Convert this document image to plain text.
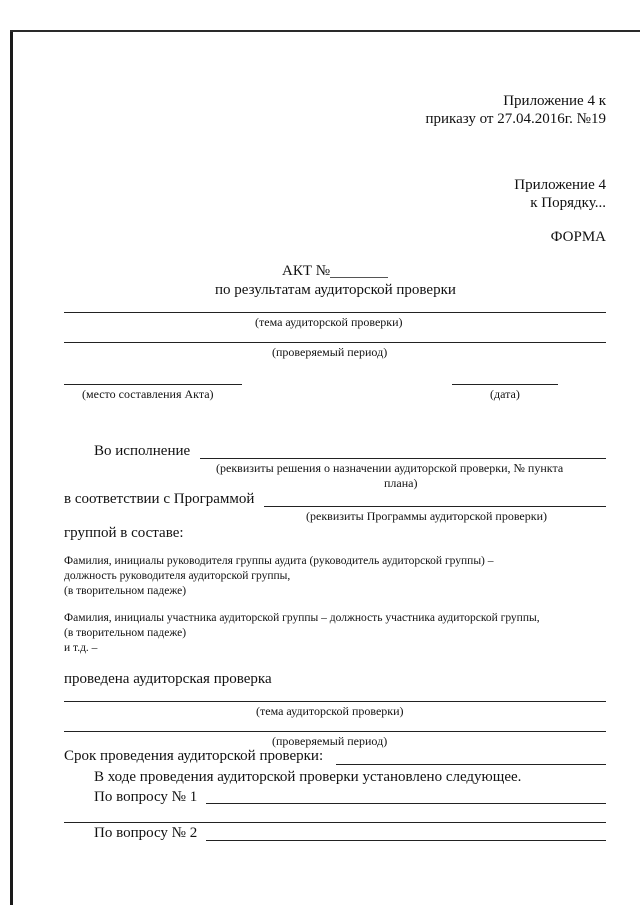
Приложение 4 к
приказу от 27.04.2016г. №19
Приложение 4
к Порядку...
ФОРМА
АКТ №
по результатам аудиторской проверки
(тема аудиторской проверки)
(проверяемый период)
(место составления Акта)	(дата)
Во исполнение
(реквизиты решения о назначении аудиторской проверки, № пункта
плана)
в соответствии с Программой
(реквизиты Программы аудиторской проверки)
группой в составе:
Фамилия, инициалы руководителя группы аудита (руководитель аудиторской группы) –
должность руководителя аудиторской группы,
(в творительном падеже)
Фамилия, инициалы участника аудиторской группы – должность участника аудиторской группы,
(в творительном падеже)
и т.д. –
проведена аудиторская проверка
(тема аудиторской проверки)
(проверяемый период)
Срок проведения аудиторской проверки:
В ходе проведения аудиторской проверки установлено следующее.
По вопросу № 1
По вопросу № 2
